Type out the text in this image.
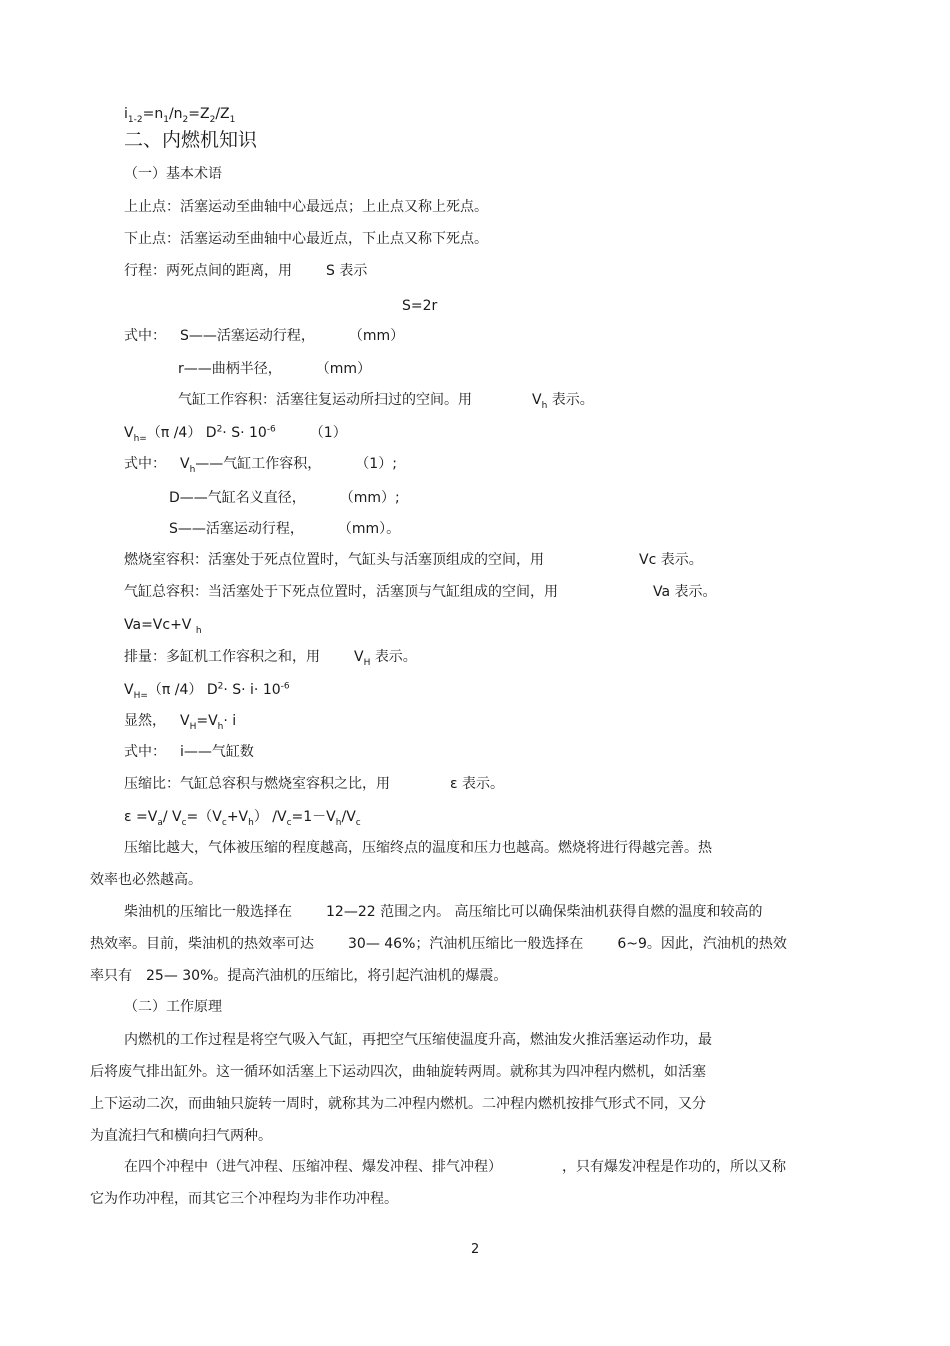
$i_{1-2}=n_1/n_2=Z_2/Z_1$
二、内燃机知识
（一）基本术语
上止点：活塞运动至曲轴中心最远点；上止点又称上死点。
下止点：活塞运动至曲轴中心最近点，下止点又称下死点。
行程：两死点间的距离，用 S 表示
S=2r
式中： S——活塞运动行程， （mm）
r——曲柄半径， （mm）
气缸工作容积：活塞往复运动所扫过的空间。用	$V_h$ 表示。
$V_{h=}(\pi$ /4） $D^2\cdot S\cdot 10^{-6}$ （1）
式中： $V_h——$气缸工作容积， （1）;
D——气缸名义直径， （mm）;
S——活塞运动行程， （mm）。
燃烧室容积：活塞处于死点位置时，气缸头与活塞顶组成的空间，用	Vc 表示。
气缸总容积：当活塞处于下死点位置时，活塞顶与气缸组成的空间，用	Va 表示。
Va=Vc+V $_h$
排量：多缸机工作容积之和，用 $V_H$ 表示。
$V_{H=}(\pi$ /4） $D^2\cdot S\cdot i\cdot 10^{-6}$
显然， $V_H=V_h\cdot i$
式中： i——气缸数
压缩比：气缸总容积与燃烧室容积之比，用	ε 表示。
$\varepsilon =V_a/$ $V_c=(V_c+V_h)$ $/V_c=1-V_h/V_c$
压缩比越大，气体被压缩的程度越高，压缩终点的温度和压力也越高。燃烧将进行得越完善。热
效率也必然越高。
柴油机的压缩比一般选择在 12—22 范围之内。 高压缩比可以确保柴油机获得自燃的温度和较高的
热效率。目前，柴油机的热效率可达 30— 46%；汽油机压缩比一般选择在 6~9。因此，汽油机的热效
率只有 25— 30%。提高汽油机的压缩比，将引起汽油机的爆震。
（二）工作原理
内燃机的工作过程是将空气吸入气缸，再把空气压缩使温度升高，燃油发火推活塞运动作功，最
后将废气排出缸外。这一循环如活塞上下运动四次，曲轴旋转两周。就称其为四冲程内燃机，如活塞
上下运动二次，而曲轴只旋转一周时，就称其为二冲程内燃机。二冲程内燃机按排气形式不同，又分
为直流扫气和横向扫气两种。
在四个冲程中（进气冲程、压缩冲程、爆发冲程、排气冲程）	，只有爆发冲程是作功的，所以又称
它为作功冲程，而其它三个冲程均为非作功冲程。
2
